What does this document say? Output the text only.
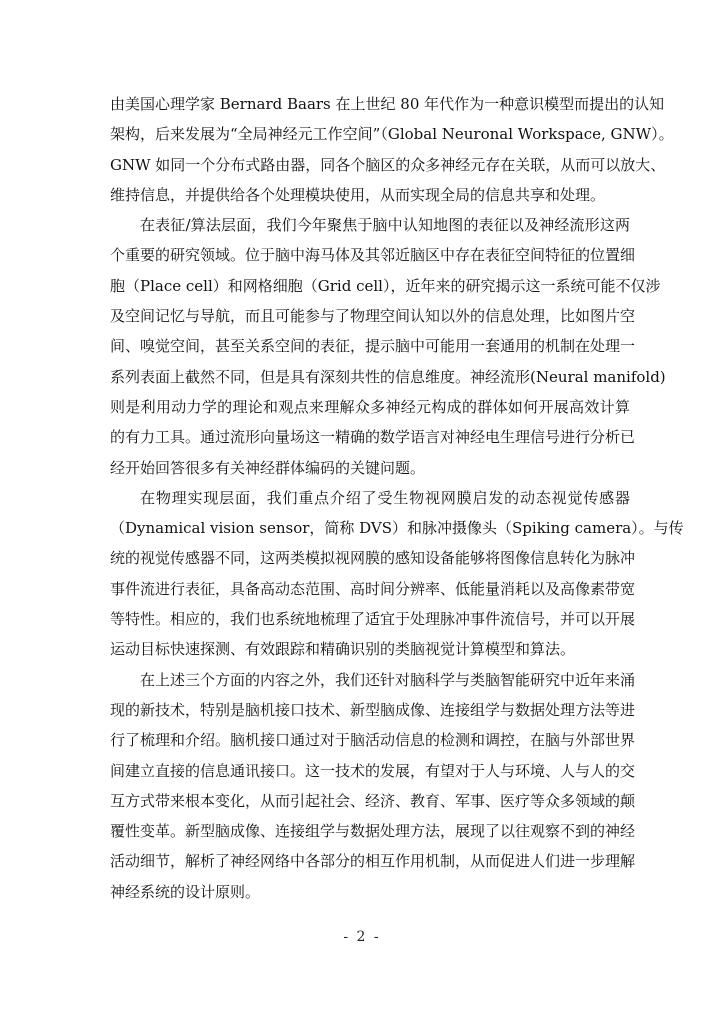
由美国心理学家 Bernard Baars 在上世纪 80 年代作为一种意识模型而提出的认知
架构，后来发展为“全局神经元工作空间”（Global Neuronal Workspace, GNW）。
GNW 如同一个分布式路由器，同各个脑区的众多神经元存在关联，从而可以放大、
维持信息，并提供给各个处理模块使用，从而实现全局的信息共享和处理。
在表征/算法层面，我们今年聚焦于脑中认知地图的表征以及神经流形这两
个重要的研究领域。位于脑中海马体及其邻近脑区中存在表征空间特征的位置细
胞（Place cell）和网格细胞（Grid cell），近年来的研究揭示这一系统可能不仅涉
及空间记忆与导航，而且可能参与了物理空间认知以外的信息处理，比如图片空
间、嗅觉空间，甚至关系空间的表征，提示脑中可能用一套通用的机制在处理一
系列表面上截然不同，但是具有深刻共性的信息维度。神经流形(Neural manifold)
则是利用动力学的理论和观点来理解众多神经元构成的群体如何开展高效计算
的有力工具。通过流形向量场这一精确的数学语言对神经电生理信号进行分析已
经开始回答很多有关神经群体编码的关键问题。
在物理实现层面，我们重点介绍了受生物视网膜启发的动态视觉传感器
（Dynamical vision sensor，简称 DVS）和脉冲摄像头（Spiking camera）。与传
统的视觉传感器不同，这两类模拟视网膜的感知设备能够将图像信息转化为脉冲
事件流进行表征，具备高动态范围、高时间分辨率、低能量消耗以及高像素带宽
等特性。相应的，我们也系统地梳理了适宜于处理脉冲事件流信号，并可以开展
运动目标快速探测、有效跟踪和精确识别的类脑视觉计算模型和算法。
在上述三个方面的内容之外，我们还针对脑科学与类脑智能研究中近年来涌
现的新技术，特别是脑机接口技术、新型脑成像、连接组学与数据处理方法等进
行了梳理和介绍。脑机接口通过对于脑活动信息的检测和调控，在脑与外部世界
间建立直接的信息通讯接口。这一技术的发展，有望对于人与环境、人与人的交
互方式带来根本变化，从而引起社会、经济、教育、军事、医疗等众多领域的颠
覆性变革。新型脑成像、连接组学与数据处理方法，展现了以往观察不到的神经
活动细节，解析了神经网络中各部分的相互作用机制，从而促进人们进一步理解
神经系统的设计原则。
- 2 -
